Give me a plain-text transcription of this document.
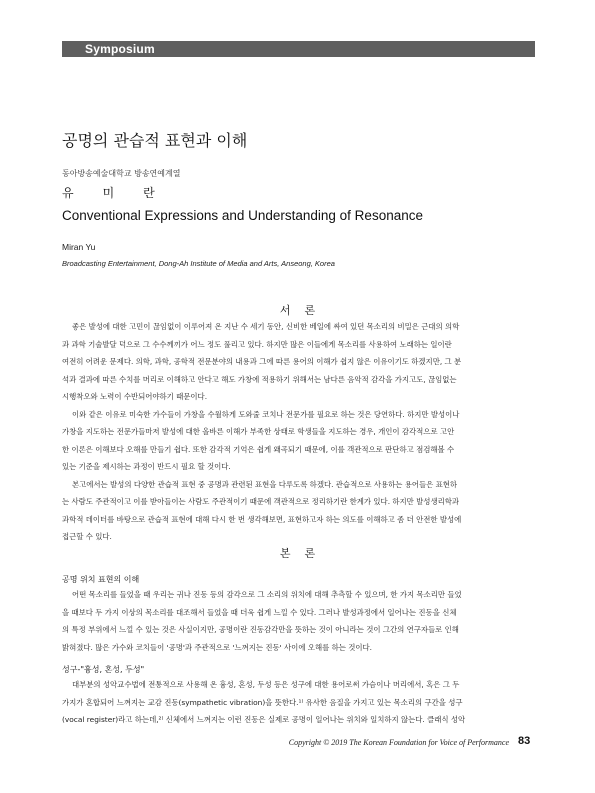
Symposium
공명의 관습적 표현과 이해
동아방송예술대학교 방송연예계열
유미란
Conventional Expressions and Understanding of Resonance
Miran Yu
Broadcasting Entertainment, Dong-Ah Institute of Media and Arts, Anseong, Korea
서론

좋은 발성에 대한 고민이 끊임없이 이루어져 온 지난 수 세기 동안, 신비한 베일에 싸여 있던 목소리의 비밀은 근대의 의학

과 과학 기술발달 덕으로 그 수수께끼가 어느 정도 풀리고 있다. 하지만 많은 이들에게 목소리를 사용하여 노래하는 일이란

여전히 어려운 문제다. 의학, 과학, 공학적 전문분야의 내용과 그에 따른 용어의 이해가 쉽지 않은 이유이기도 하겠지만, 그 분

석과 결과에 따른 수치를 머리로 이해하고 안다고 해도 가창에 적용하기 위해서는 남다른 음악적 감각을 가지고도, 끊임없는

시행착오와 노력이 수반되어야하기 때문이다.

이와 같은 이유로 미숙한 가수들이 가창을 수월하게 도와줄 코치나 전문가를 필요로 하는 것은 당연하다. 하지만 발성이나

가창을 지도하는 전문가들마저 발성에 대한 올바른 이해가 부족한 상태로 학생들을 지도하는 경우, 개인이 감각적으로 고안

한 이론은 이해보다 오해를 만들기 쉽다. 또한 감각적 기억은 쉽게 왜곡되기 때문에, 이를 객관적으로 판단하고 점검해볼 수

있는 기준을 제시하는 과정이 반드시 필요 할 것이다.

본고에서는 발성의 다양한 관습적 표현 중 공명과 관련된 표현을 다루도록 하겠다. 관습적으로 사용하는 용어들은 표현하

는 사람도 주관적이고 이를 받아들이는 사람도 주관적이기 때문에 객관적으로 정리하기란 한계가 있다. 하지만 발성생리학과

과학적 데이터를 바탕으로 관습적 표현에 대해 다시 한 번 생각해보면, 표현하고자 하는 의도를 이해하고 좀 더 안전한 발성에

접근할 수 있다.

본론
공명 위치 표현의 이해

어떤 목소리를 들었을 때 우리는 귀나 진동 등의 감각으로 그 소리의 위치에 대해 추측할 수 있으며, 한 가지 목소리만 들었

을 때보다 두 가지 이상의 목소리를 대조해서 들었을 때 더욱 쉽게 느낄 수 있다. 그러나 발성과정에서 일어나는 진동을 신체

의 특정 부위에서 느낄 수 있는 것은 사실이지만, 공명이란 진동감각만을 뜻하는 것이 아니라는 것이 그간의 연구자들로 인해

밝혀졌다. 많은 가수와 코치들이 '공명'과 주관적으로 '느껴지는 진동' 사이에 오해를 하는 것이다.

성구-"흉성, 혼성, 두성"

대부분의 성악교수법에 전통적으로 사용해 온 흉성, 혼성, 두성 등은 성구에 대한 용어로써 가슴이나 머리에서, 혹은 그 두

가지가 혼합되어 느껴지는 교감 진동(sympathetic vibration)을 뜻한다.¹⁾ 유사한 음질을 가지고 있는 목소리의 구간을 성구

(vocal register)라고 하는데,²⁾ 신체에서 느껴지는 이런 진동은 실제로 공명이 일어나는 위치와 일치하지 않는다. 클래식 성악

Copyright © 2019 The Korean Foundation for Voice of Performance 83
